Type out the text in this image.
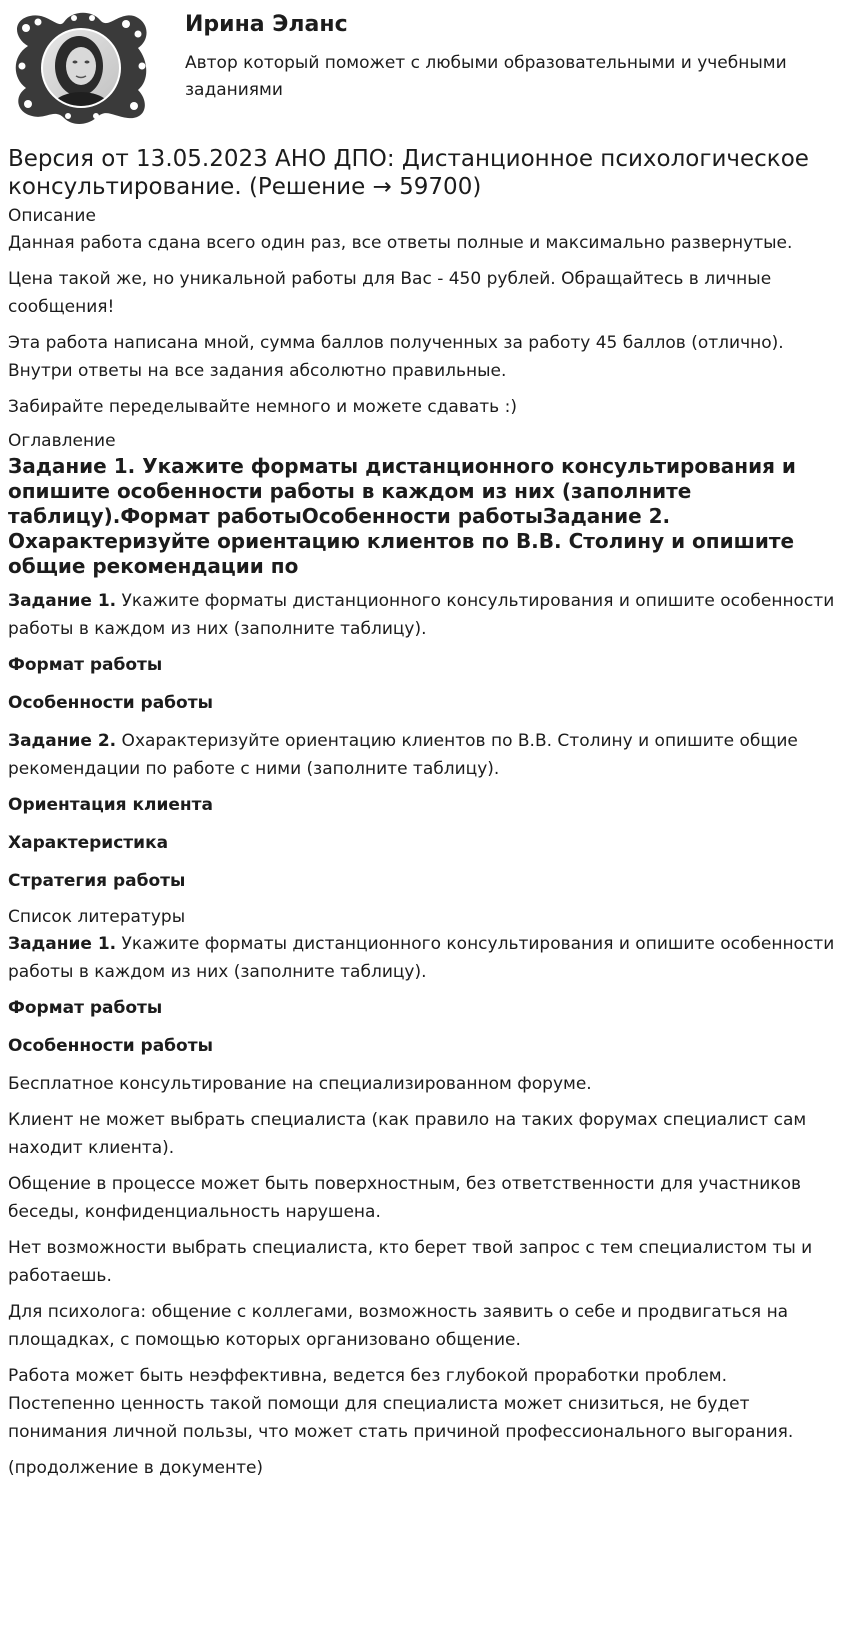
Ирина Эланс

Автор который поможет с любыми образовательными и учебными заданиями

Версия от 13.05.2023 АНО ДПО: Дистанционное психологическое консультирование. (Решение → 59700)
Описание

Данная работа сдана всего один раз, все ответы полные и максимально развернутые.

Цена такой же, но уникальной работы для Вас - 450 рублей. Обращайтесь в личные сообщения!

Эта работа написана мной, сумма баллов полученных за работу 45 баллов (отлично). Внутри ответы на все задания абсолютно правильные.

Забирайте переделывайте немного и можете сдавать :)

Оглавление
Задание 1. Укажите форматы дистанционного консультирования и опишите особенности работы в каждом из них (заполните таблицу).Формат работыОсобенности работыЗадание 2. Охарактеризуйте ориентацию клиентов по В.В. Столину и опишите общие рекомендации по

Задание 1. Укажите форматы дистанционного консультирования и опишите особенности работы в каждом из них (заполните таблицу).

Формат работы

Особенности работы

Задание 2. Охарактеризуйте ориентацию клиентов по В.В. Столину и опишите общие рекомендации по работе с ними (заполните таблицу).

Ориентация клиента

Характеристика

Стратегия работы

Список литературы

Задание 1. Укажите форматы дистанционного консультирования и опишите особенности работы в каждом из них (заполните таблицу).

Формат работы

Особенности работы

Бесплатное консультирование на специализированном форуме.

Клиент не может выбрать специалиста (как правило на таких форумах специалист сам находит клиента).

Общение в процессе может быть поверхностным, без ответственности для участников беседы, конфиденциальность нарушена.

Нет возможности выбрать специалиста, кто берет твой запрос с тем специалистом ты и работаешь.

Для психолога: общение с коллегами, возможность заявить о себе и продвигаться на площадках, с помощью которых организовано общение.

Работа может быть неэффективна, ведется без глубокой проработки проблем. Постепенно ценность такой помощи для специалиста может снизиться, не будет понимания личной пользы, что может стать причиной профессионального выгорания.

(продолжение в документе)
